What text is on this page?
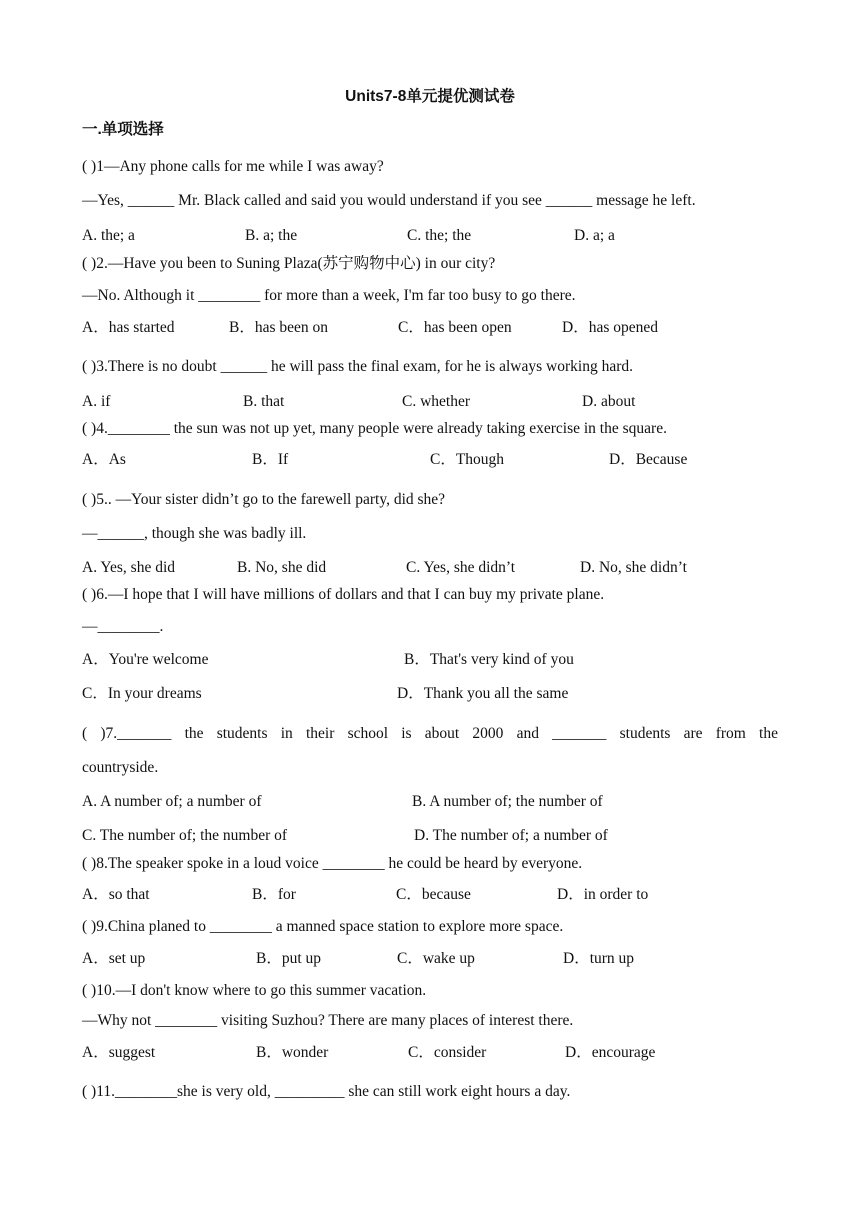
Units7-8单元提优测试卷
一.单项选择
( )1—Any phone calls for me while I was away?
—Yes, ______ Mr. Black called and said you would understand if you see ______ message he left.
A. the; a	B. a; the	C. the; the	D. a; a
( )2.—Have you been to Suning Plaza(苏宁购物中心) in our city?
—No. Although it ________ for more than a week, I'm far too busy to go there.
A．has started	B．has been on	C．has been open	D．has opened
( )3.There is no doubt ______ he will pass the final exam, for he is always working hard.
A. if	B. that	C. whether	D. about
( )4.________ the sun was not up yet, many people were already taking exercise in the square.
A．As	B．If	C．Though	D．Because
( )5.. —Your sister didn’t go to the farewell party, did she?
—______, though she was badly ill.
A. Yes, she did	B. No, she did	C. Yes, she didn’t	D. No, she didn’t
( )6.—I hope that I will have millions of dollars and that I can buy my private plane.
—________.
A．You're welcome	B．That's very kind of you
C．In your dreams	D．Thank you all the same
( )7._______ the students in their school is about 2000 and _______ students are from the
countryside.
A. A number of; a number of	B. A number of; the number of
C. The number of; the number of	D. The number of; a number of
( )8.The speaker spoke in a loud voice ________ he could be heard by everyone.
A．so that	B．for	C．because	D．in order to
( )9.China planed to ________ a manned space station to explore more space.
A．set up	B．put up	C．wake up	D．turn up
( )10.—I don't know where to go this summer vacation.
—Why not ________ visiting Suzhou? There are many places of interest there.
A．suggest	B．wonder	C．consider	D．encourage
( )11.________she is very old, _________ she can still work eight hours a day.
